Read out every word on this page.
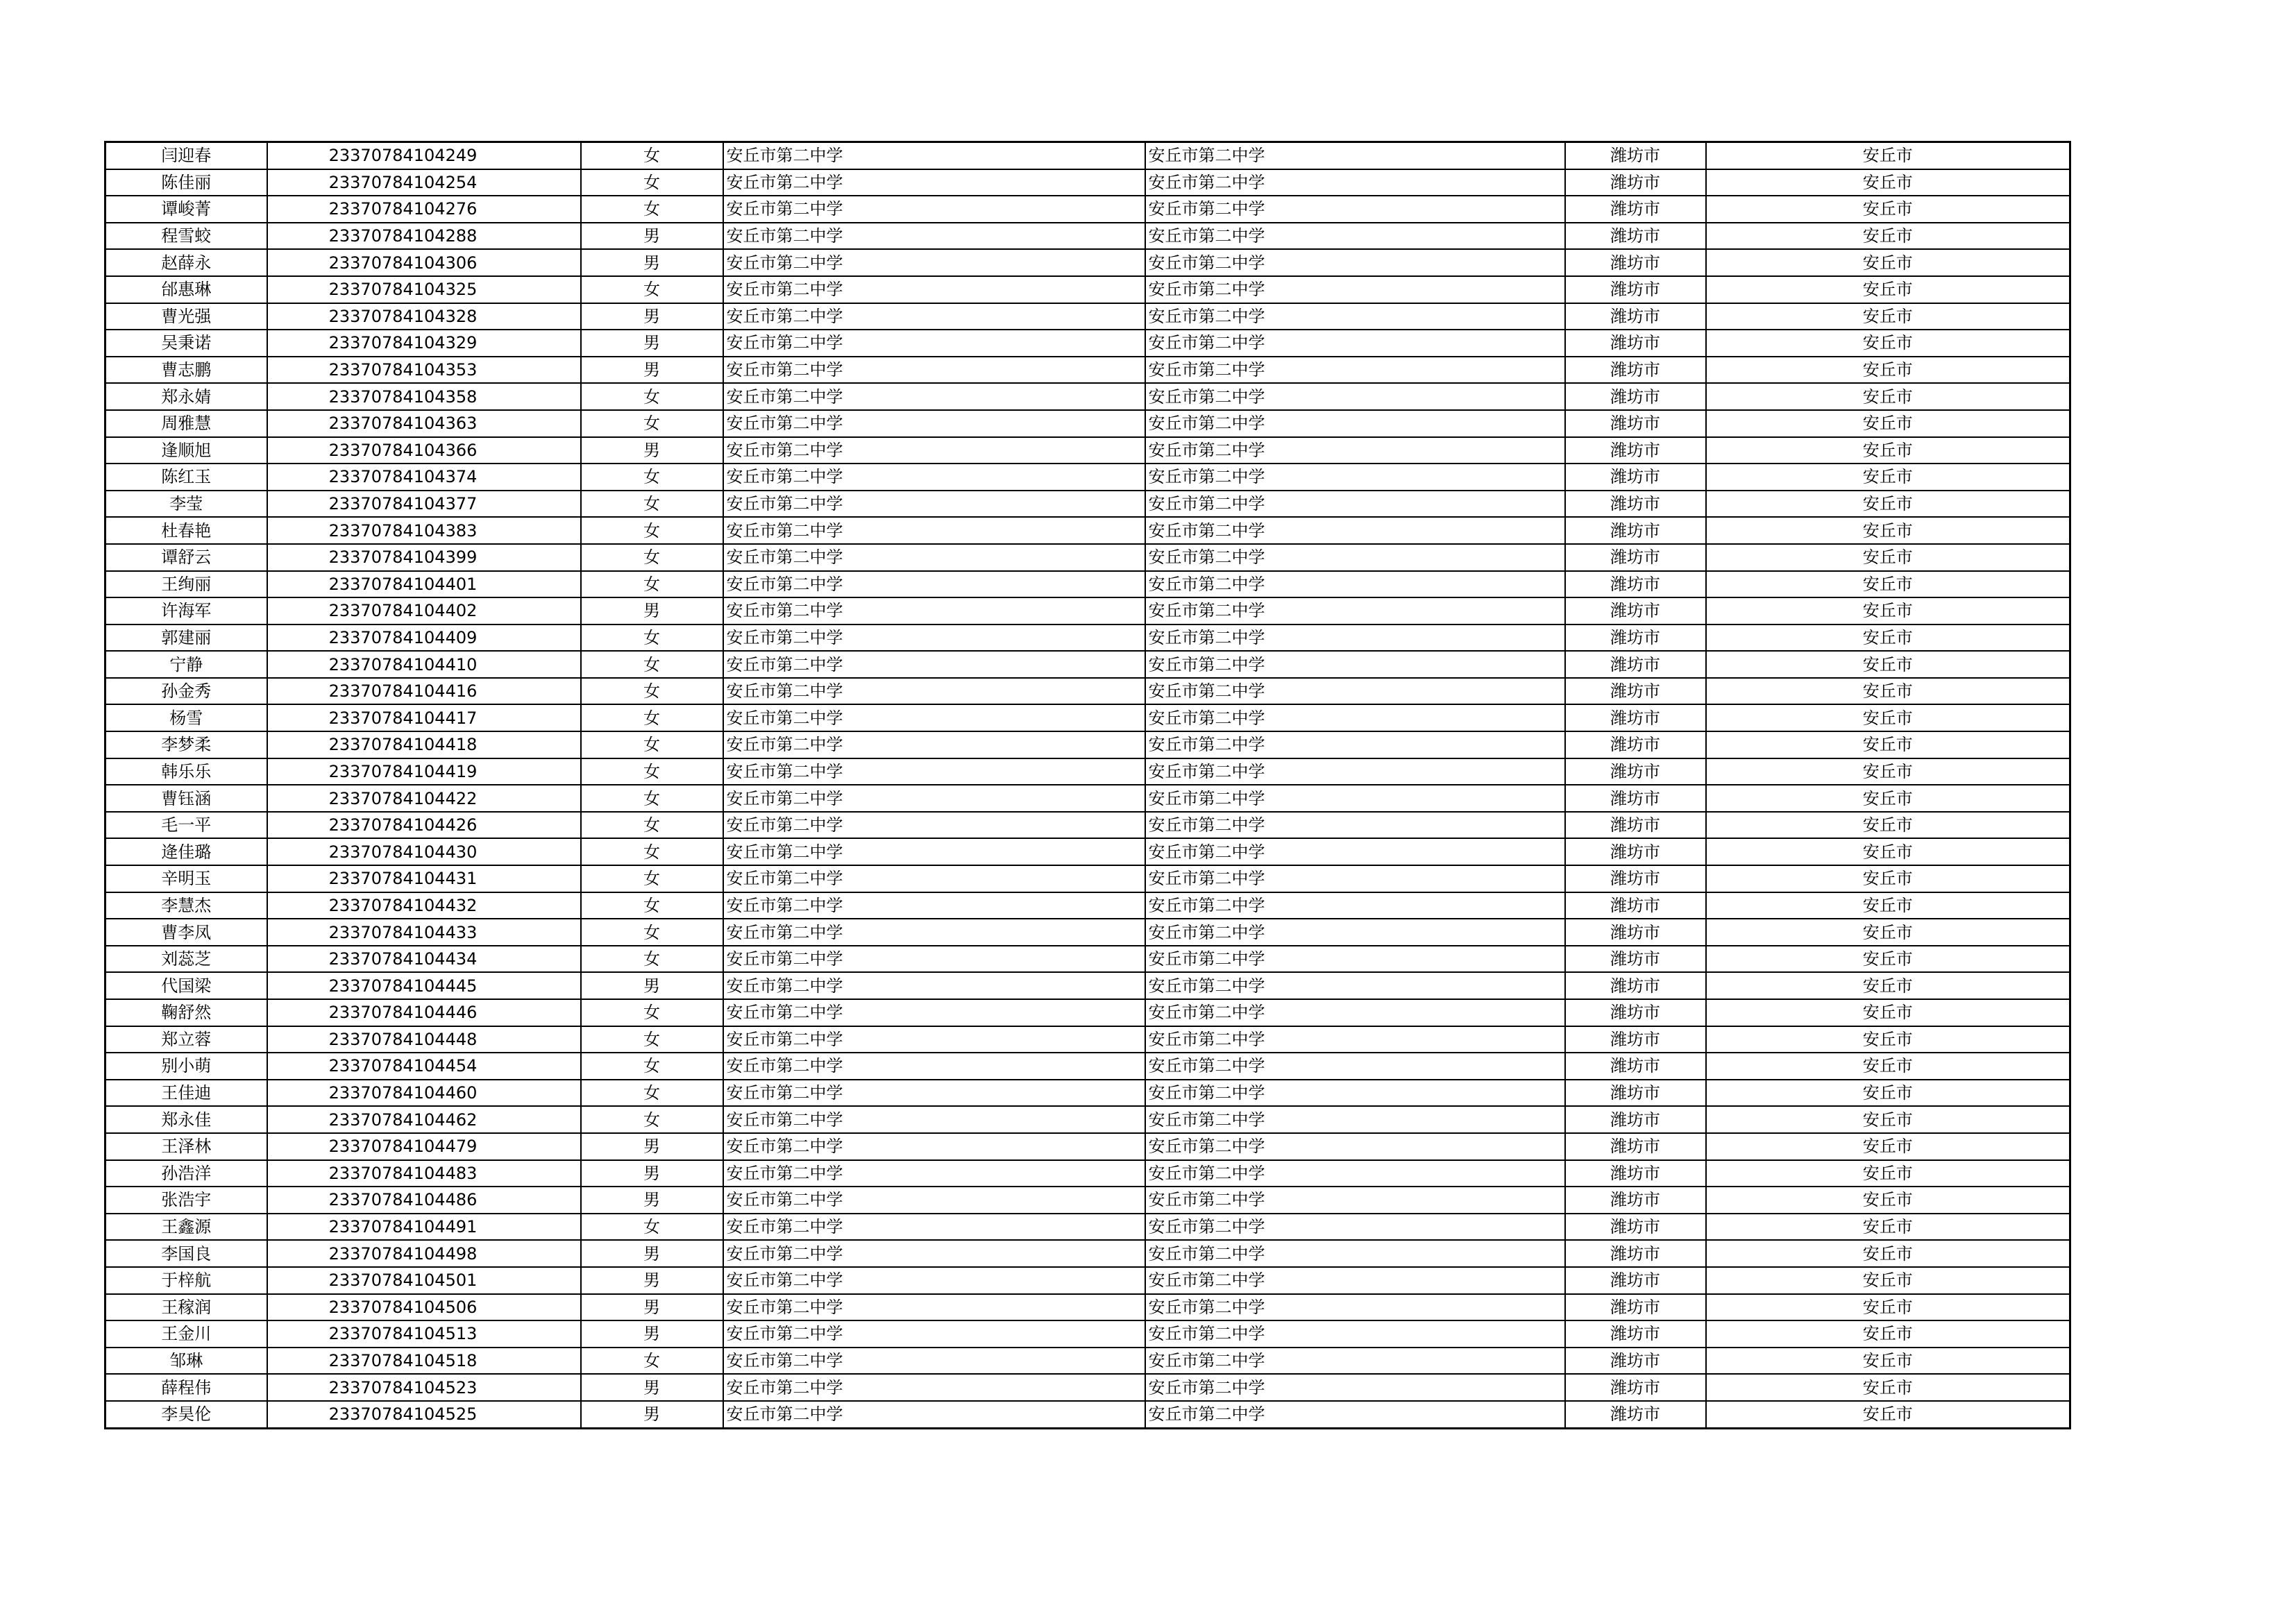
闫迎春	23370784104249	女	安丘市第二中学	安丘市第二中学	潍坊市	安丘市
陈佳丽	23370784104254	女	安丘市第二中学	安丘市第二中学	潍坊市	安丘市
谭峻菁	23370784104276	女	安丘市第二中学	安丘市第二中学	潍坊市	安丘市
程雪蛟	23370784104288	男	安丘市第二中学	安丘市第二中学	潍坊市	安丘市
赵薛永	23370784104306	男	安丘市第二中学	安丘市第二中学	潍坊市	安丘市
邰惠琳	23370784104325	女	安丘市第二中学	安丘市第二中学	潍坊市	安丘市
曹光强	23370784104328	男	安丘市第二中学	安丘市第二中学	潍坊市	安丘市
吴秉诺	23370784104329	男	安丘市第二中学	安丘市第二中学	潍坊市	安丘市
曹志鹏	23370784104353	男	安丘市第二中学	安丘市第二中学	潍坊市	安丘市
郑永婧	23370784104358	女	安丘市第二中学	安丘市第二中学	潍坊市	安丘市
周雅慧	23370784104363	女	安丘市第二中学	安丘市第二中学	潍坊市	安丘市
逢顺旭	23370784104366	男	安丘市第二中学	安丘市第二中学	潍坊市	安丘市
陈红玉	23370784104374	女	安丘市第二中学	安丘市第二中学	潍坊市	安丘市
李莹	23370784104377	女	安丘市第二中学	安丘市第二中学	潍坊市	安丘市
杜春艳	23370784104383	女	安丘市第二中学	安丘市第二中学	潍坊市	安丘市
谭舒云	23370784104399	女	安丘市第二中学	安丘市第二中学	潍坊市	安丘市
王绚丽	23370784104401	女	安丘市第二中学	安丘市第二中学	潍坊市	安丘市
许海军	23370784104402	男	安丘市第二中学	安丘市第二中学	潍坊市	安丘市
郭建丽	23370784104409	女	安丘市第二中学	安丘市第二中学	潍坊市	安丘市
宁静	23370784104410	女	安丘市第二中学	安丘市第二中学	潍坊市	安丘市
孙金秀	23370784104416	女	安丘市第二中学	安丘市第二中学	潍坊市	安丘市
杨雪	23370784104417	女	安丘市第二中学	安丘市第二中学	潍坊市	安丘市
李梦柔	23370784104418	女	安丘市第二中学	安丘市第二中学	潍坊市	安丘市
韩乐乐	23370784104419	女	安丘市第二中学	安丘市第二中学	潍坊市	安丘市
曹钰涵	23370784104422	女	安丘市第二中学	安丘市第二中学	潍坊市	安丘市
毛一平	23370784104426	女	安丘市第二中学	安丘市第二中学	潍坊市	安丘市
逄佳璐	23370784104430	女	安丘市第二中学	安丘市第二中学	潍坊市	安丘市
辛明玉	23370784104431	女	安丘市第二中学	安丘市第二中学	潍坊市	安丘市
李慧杰	23370784104432	女	安丘市第二中学	安丘市第二中学	潍坊市	安丘市
曹李凤	23370784104433	女	安丘市第二中学	安丘市第二中学	潍坊市	安丘市
刘蕊芝	23370784104434	女	安丘市第二中学	安丘市第二中学	潍坊市	安丘市
代国梁	23370784104445	男	安丘市第二中学	安丘市第二中学	潍坊市	安丘市
鞠舒然	23370784104446	女	安丘市第二中学	安丘市第二中学	潍坊市	安丘市
郑立蓉	23370784104448	女	安丘市第二中学	安丘市第二中学	潍坊市	安丘市
别小萌	23370784104454	女	安丘市第二中学	安丘市第二中学	潍坊市	安丘市
王佳迪	23370784104460	女	安丘市第二中学	安丘市第二中学	潍坊市	安丘市
郑永佳	23370784104462	女	安丘市第二中学	安丘市第二中学	潍坊市	安丘市
王泽林	23370784104479	男	安丘市第二中学	安丘市第二中学	潍坊市	安丘市
孙浩洋	23370784104483	男	安丘市第二中学	安丘市第二中学	潍坊市	安丘市
张浩宇	23370784104486	男	安丘市第二中学	安丘市第二中学	潍坊市	安丘市
王鑫源	23370784104491	女	安丘市第二中学	安丘市第二中学	潍坊市	安丘市
李国良	23370784104498	男	安丘市第二中学	安丘市第二中学	潍坊市	安丘市
于梓航	23370784104501	男	安丘市第二中学	安丘市第二中学	潍坊市	安丘市
王稼润	23370784104506	男	安丘市第二中学	安丘市第二中学	潍坊市	安丘市
王金川	23370784104513	男	安丘市第二中学	安丘市第二中学	潍坊市	安丘市
邹琳	23370784104518	女	安丘市第二中学	安丘市第二中学	潍坊市	安丘市
薛程伟	23370784104523	男	安丘市第二中学	安丘市第二中学	潍坊市	安丘市
李昊伦	23370784104525	男	安丘市第二中学	安丘市第二中学	潍坊市	安丘市
